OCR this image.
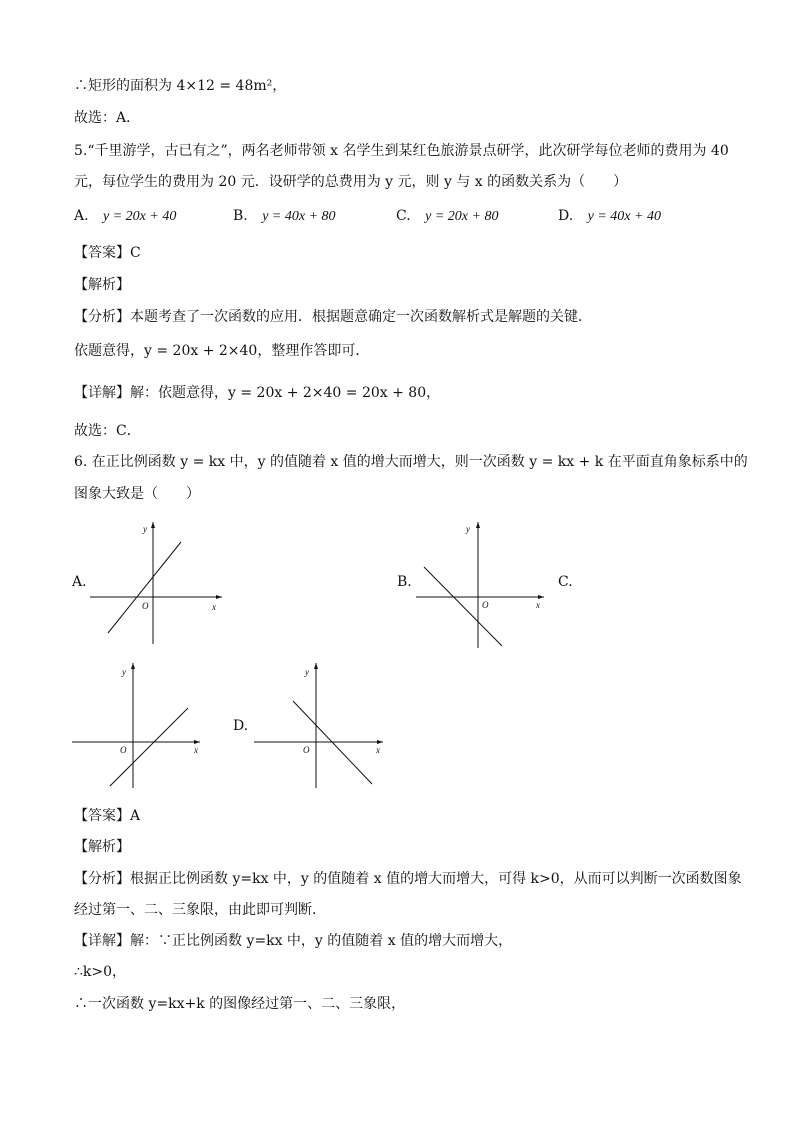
∴矩形的面积为 4×12 = 48m²，
故选：A．
5.“千里游学，古已有之”，两名老师带领 x 名学生到某红色旅游景点研学，此次研学每位老师的费用为 40
元，每位学生的费用为 20 元．设研学的总费用为 y 元，则 y 与 x 的函数关系为（　　）
A. y = 20x + 40	B. y = 40x + 80	C. y = 20x + 80	D. y = 40x + 40
【答案】C
【解析】
【分析】本题考查了一次函数的应用．根据题意确定一次函数解析式是解题的关键．
依题意得，y = 20x + 2×40，整理作答即可．
【详解】解：依题意得，y = 20x + 2×40 = 20x + 80，
故选：C．
6. 在正比例函数 y = kx 中，y 的值随着 x 值的增大而增大，则一次函数 y = kx + k 在平面直角象标系中的
图象大致是（　　）
A.	B.	C.
D.
y
x
O
y
x
O
y
x
O
y
x
O
【答案】A
【解析】
【分析】根据正比例函数 y=kx 中，y 的值随着 x 值的增大而增大，可得 k>0，从而可以判断一次函数图象
经过第一、二、三象限，由此即可判断．
【详解】解：∵正比例函数 y=kx 中，y 的值随着 x 值的增大而增大，
∴k>0，
∴一次函数 y=kx+k 的图像经过第一、二、三象限，
